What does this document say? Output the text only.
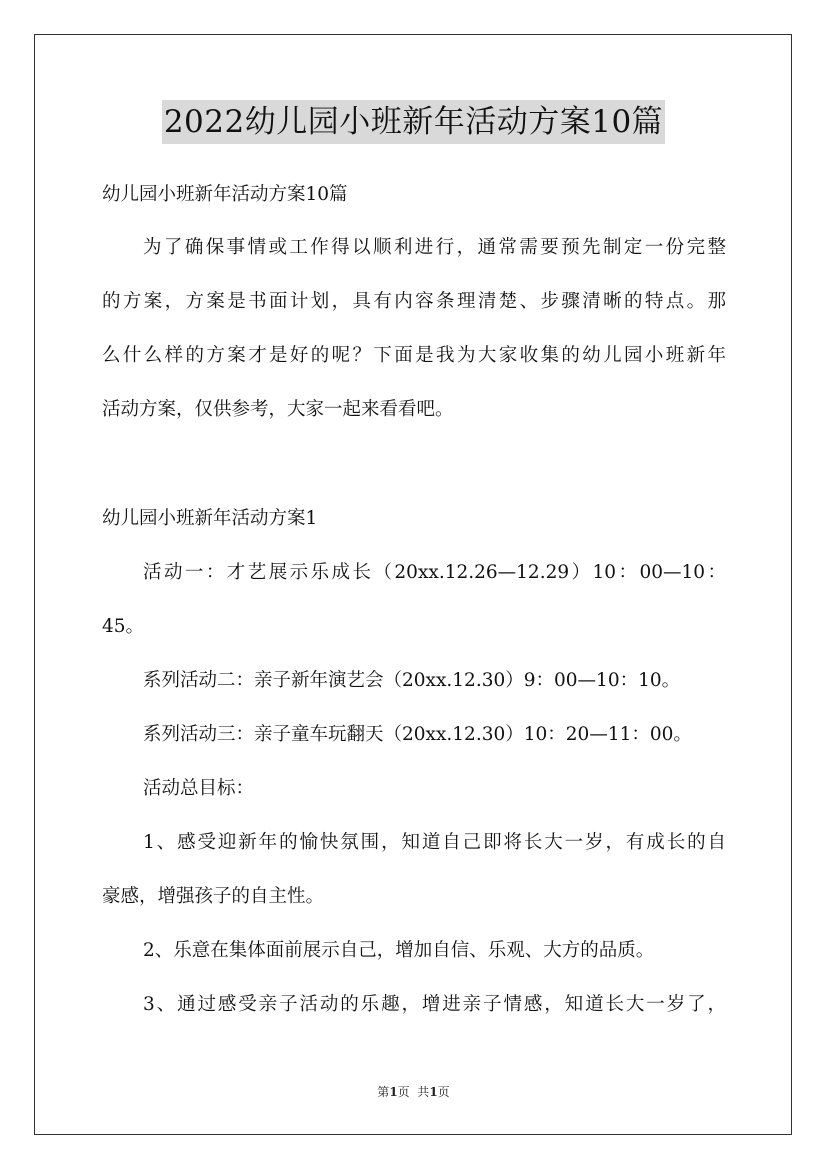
2022幼儿园小班新年活动方案10篇
幼儿园小班新年活动方案10篇
为了确保事情或工作得以顺利进行，通常需要预先制定一份完整
的方案，方案是书面计划，具有内容条理清楚、步骤清晰的特点。那
么什么样的方案才是好的呢？下面是我为大家收集的幼儿园小班新年
活动方案，仅供参考，大家一起来看看吧。
幼儿园小班新年活动方案1
活动一：才艺展示乐成长（20xx.12.26—12.29）10：00—10：
45。
系列活动二：亲子新年演艺会（20xx.12.30）9：00—10：10。
系列活动三：亲子童车玩翻天（20xx.12.30）10：20—11：00。
活动总目标：
1、感受迎新年的愉快氛围，知道自己即将长大一岁，有成长的自
豪感，增强孩子的自主性。
2、乐意在集体面前展示自己，增加自信、乐观、大方的品质。
3、通过感受亲子活动的乐趣，增进亲子情感，知道长大一岁了，
第1页  共1页
